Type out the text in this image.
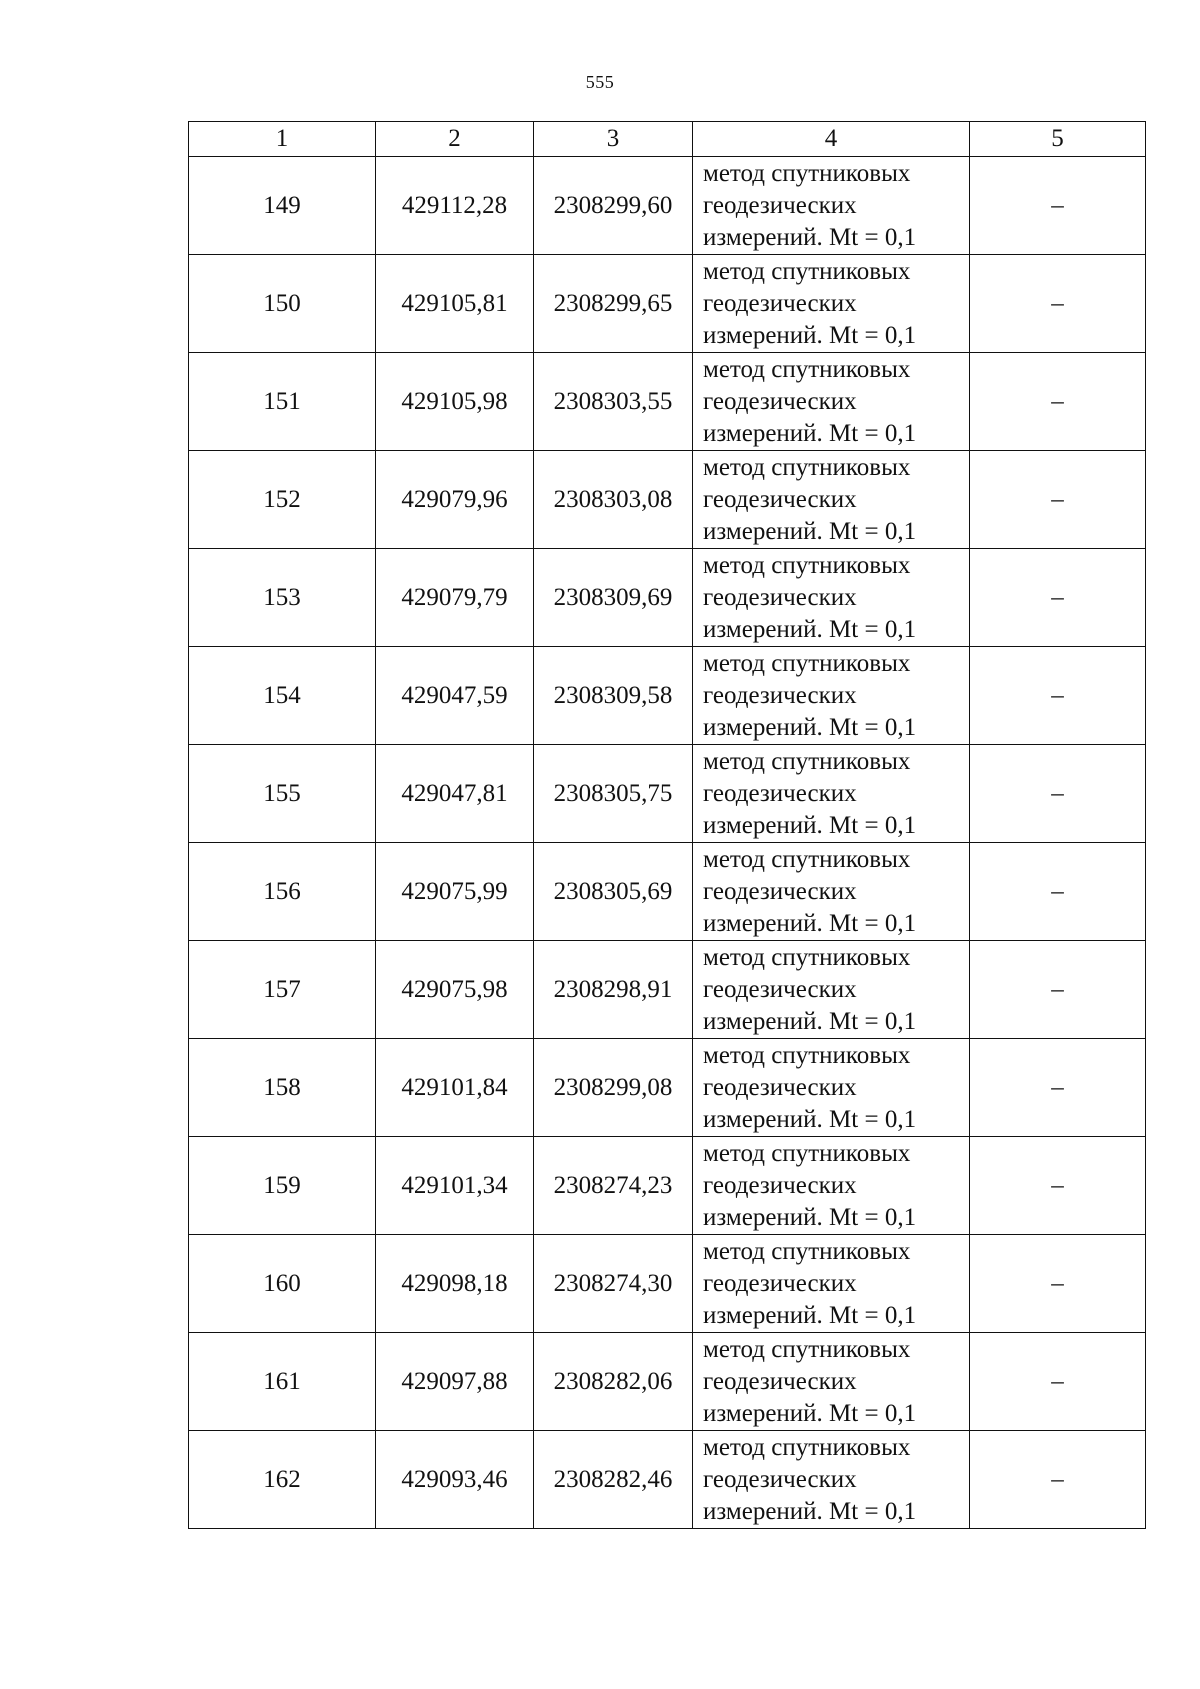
555
1	2	3	4	5
149	429112,28	2308299,60	метод спутниковых
геодезических
измерений. Mt = 0,1	–
150	429105,81	2308299,65	метод спутниковых
геодезических
измерений. Mt = 0,1	–
151	429105,98	2308303,55	метод спутниковых
геодезических
измерений. Mt = 0,1	–
152	429079,96	2308303,08	метод спутниковых
геодезических
измерений. Mt = 0,1	–
153	429079,79	2308309,69	метод спутниковых
геодезических
измерений. Mt = 0,1	–
154	429047,59	2308309,58	метод спутниковых
геодезических
измерений. Mt = 0,1	–
155	429047,81	2308305,75	метод спутниковых
геодезических
измерений. Mt = 0,1	–
156	429075,99	2308305,69	метод спутниковых
геодезических
измерений. Mt = 0,1	–
157	429075,98	2308298,91	метод спутниковых
геодезических
измерений. Mt = 0,1	–
158	429101,84	2308299,08	метод спутниковых
геодезических
измерений. Mt = 0,1	–
159	429101,34	2308274,23	метод спутниковых
геодезических
измерений. Mt = 0,1	–
160	429098,18	2308274,30	метод спутниковых
геодезических
измерений. Mt = 0,1	–
161	429097,88	2308282,06	метод спутниковых
геодезических
измерений. Mt = 0,1	–
162	429093,46	2308282,46	метод спутниковых
геодезических
измерений. Mt = 0,1	–
